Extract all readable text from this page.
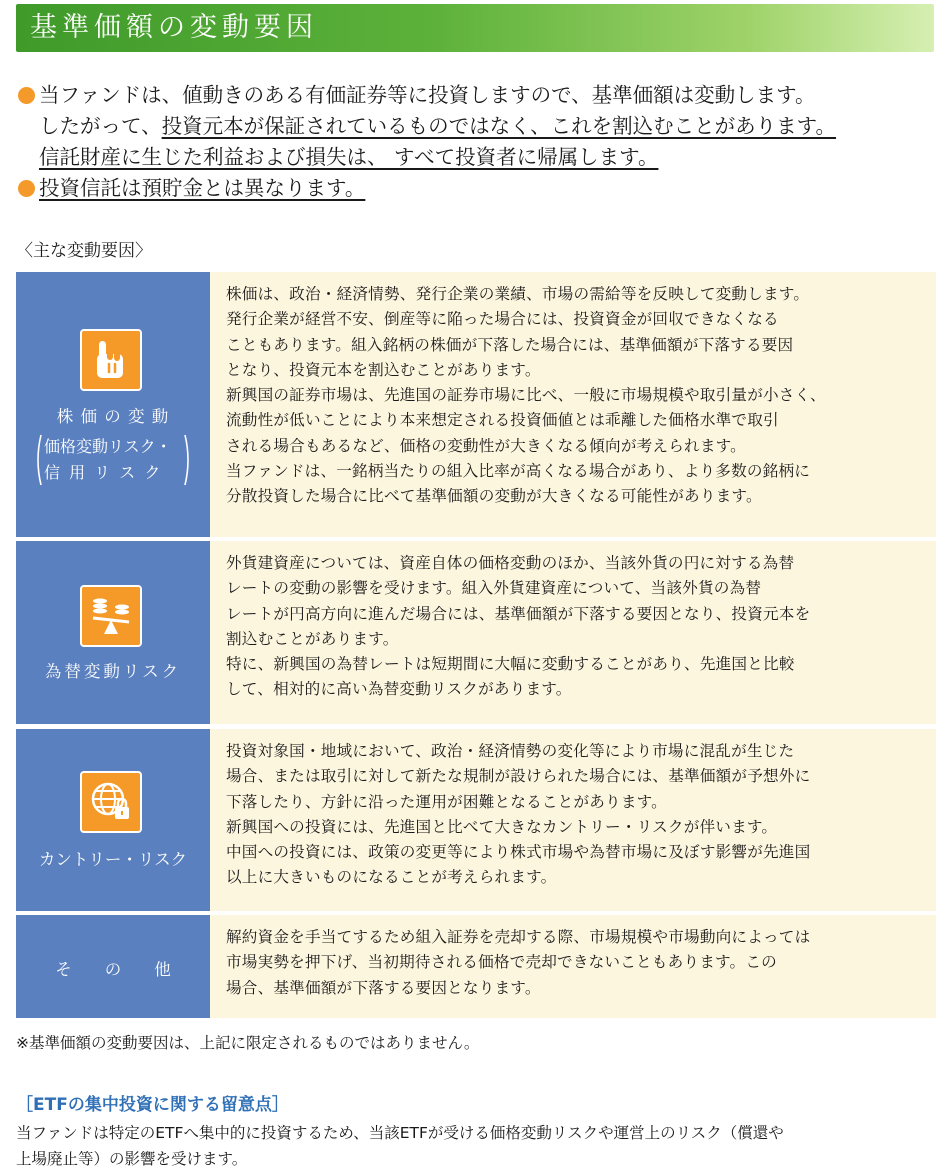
基準価額の変動要因
当ファンドは、値動きのある有価証券等に投資しますので、基準価額は変動します。
したがって、投資元本が保証されているものではなく、これを割込むことがあります。
信託財産に生じた利益および損失は、 すべて投資者に帰属します。
投資信託は預貯金とは異なります。
〈主な変動要因〉
株 価 の 変 動
価格変動リスク・
信 用 リ ス ク
株価は、政治・経済情勢、発行企業の業績、市場の需給等を反映して変動します。
発行企業が経営不安、倒産等に陥った場合には、投資資金が回収できなくなる
こともあります。組入銘柄の株価が下落した場合には、基準価額が下落する要因
となり、投資元本を割込むことがあります。
新興国の証券市場は、先進国の証券市場に比べ、一般に市場規模や取引量が小さく、
流動性が低いことにより本来想定される投資価値とは乖離した価格水準で取引
される場合もあるなど、価格の変動性が大きくなる傾向が考えられます。
当ファンドは、一銘柄当たりの組入比率が高くなる場合があり、より多数の銘柄に
分散投資した場合に比べて基準価額の変動が大きくなる可能性があります。
為替変動リスク
外貨建資産については、資産自体の価格変動のほか、当該外貨の円に対する為替
レートの変動の影響を受けます。組入外貨建資産について、当該外貨の為替
レートが円高方向に進んだ場合には、基準価額が下落する要因となり、投資元本を
割込むことがあります。
特に、新興国の為替レートは短期間に大幅に変動することがあり、先進国と比較
して、相対的に高い為替変動リスクがあります。
カントリー・リスク
投資対象国・地域において、政治・経済情勢の変化等により市場に混乱が生じた
場合、または取引に対して新たな規制が設けられた場合には、基準価額が予想外に
下落したり、方針に沿った運用が困難となることがあります。
新興国への投資には、先進国と比べて大きなカントリー・リスクが伴います。
中国への投資には、政策の変更等により株式市場や為替市場に及ぼす影響が先進国
以上に大きいものになることが考えられます。
そ　　の　　他
解約資金を手当てするため組入証券を売却する際、市場規模や市場動向によっては
市場実勢を押下げ、当初期待される価格で売却できないこともあります。この
場合、基準価額が下落する要因となります。
※基準価額の変動要因は、上記に限定されるものではありません。
［ETFの集中投資に関する留意点］
当ファンドは特定のETFへ集中的に投資するため、当該ETFが受ける価格変動リスクや運営上のリスク（償還や
上場廃止等）の影響を受けます。
